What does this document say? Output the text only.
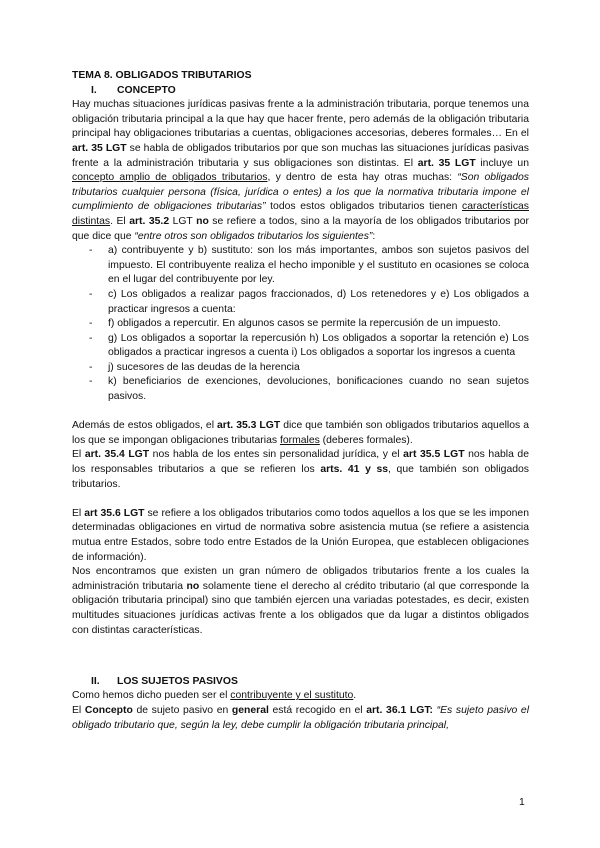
TEMA 8. OBLIGADOS TRIBUTARIOS

I. CONCEPTO

Hay muchas situaciones jurídicas pasivas frente a la administración tributaria, porque tenemos una obligación tributaria principal a la que hay que hacer frente, pero además de la obligación tributaria principal hay obligaciones tributarias a cuentas, obligaciones accesorias, deberes formales… En el art. 35 LGT se habla de obligados tributarios por que son muchas las situaciones jurídicas pasivas frente a la administración tributaria y sus obligaciones son distintas. El art. 35 LGT incluye un concepto amplio de obligados tributarios, y dentro de esta hay otras muchas: “Son obligados tributarios cualquier persona (física, jurídica o entes) a los que la normativa tributaria impone el cumplimiento de obligaciones tributarias” todos estos obligados tributarios tienen características distintas. El art. 35.2 LGT no se refiere a todos, sino a la mayoría de los obligados tributarios por que dice que “entre otros son obligados tributarios los siguientes”:

- a) contribuyente y b) sustituto: son los más importantes, ambos son sujetos pasivos del impuesto. El contribuyente realiza el hecho imponible y el sustituto en ocasiones se coloca en el lugar del contribuyente por ley.
- c) Los obligados a realizar pagos fraccionados, d) Los retenedores y e) Los obligados a practicar ingresos a cuenta:
- f) obligados a repercutir. En algunos casos se permite la repercusión de un impuesto.
- g) Los obligados a soportar la repercusión h) Los obligados a soportar la retención e) Los obligados a practicar ingresos a cuenta i) Los obligados a soportar los ingresos a cuenta
- j) sucesores de las deudas de la herencia
- k) beneficiarios de exenciones, devoluciones, bonificaciones cuando no sean sujetos pasivos.

Además de estos obligados, el art. 35.3 LGT dice que también son obligados tributarios aquellos a los que se impongan obligaciones tributarias formales (deberes formales).

El art. 35.4 LGT nos habla de los entes sin personalidad jurídica, y el art 35.5 LGT nos habla de los responsables tributarios a que se refieren los arts. 41 y ss, que también son obligados tributarios.

El art 35.6 LGT se refiere a los obligados tributarios como todos aquellos a los que se les imponen determinadas obligaciones en virtud de normativa sobre asistencia mutua (se refiere a asistencia mutua entre Estados, sobre todo entre Estados de la Unión Europea, que establecen obligaciones de información).

Nos encontramos que existen un gran número de obligados tributarios frente a los cuales la administración tributaria no solamente tiene el derecho al crédito tributario (al que corresponde la obligación tributaria principal) sino que también ejercen una variadas potestades, es decir, existen multitudes situaciones jurídicas activas frente a los obligados que da lugar a distintos obligados con distintas características.

II. LOS SUJETOS PASIVOS

Como hemos dicho pueden ser el contribuyente y el sustituto.

El Concepto de sujeto pasivo en general está recogido en el art. 36.1 LGT: “Es sujeto pasivo el obligado tributario que, según la ley, debe cumplir la obligación tributaria principal,

1
